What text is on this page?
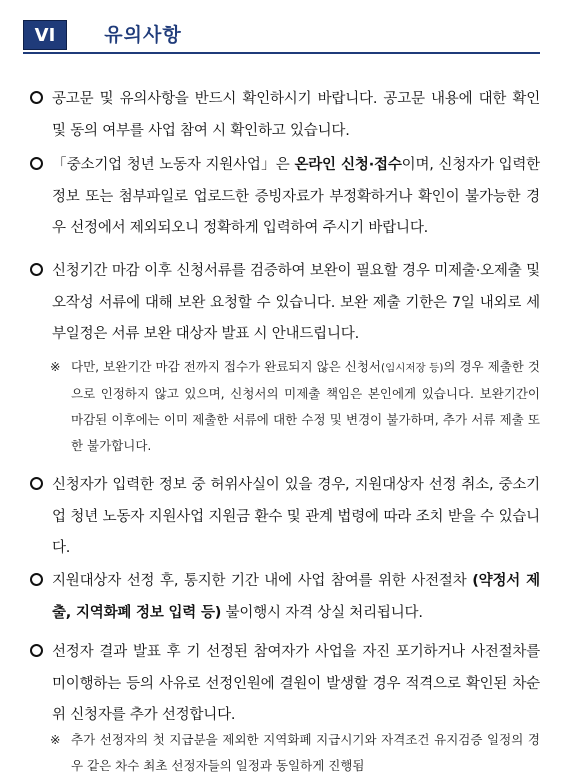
VI	유의사항
공고문 및 유의사항을 반드시 확인하시기 바랍니다. 공고문 내용에 대한 확인 및 동의 여부를 사업 참여 시 확인하고 있습니다.
「중소기업 청년 노동자 지원사업」은 온라인 신청·접수이며, 신청자가 입력한 정보 또는 첨부파일로 업로드한 증빙자료가 부정확하거나 확인이 불가능한 경우 선정에서 제외되오니 정확하게 입력하여 주시기 바랍니다.
신청기간 마감 이후 신청서류를 검증하여 보완이 필요할 경우 미제출·오제출 및 오작성 서류에 대해 보완 요청할 수 있습니다. 보완 제출 기한은 7일 내외로 세부일정은 서류 보완 대상자 발표 시 안내드립니다.
※ 다만, 보완기간 마감 전까지 접수가 완료되지 않은 신청서(임시저장 등)의 경우 제출한 것으로 인정하지 않고 있으며, 신청서의 미제출 책임은 본인에게 있습니다. 보완기간이 마감된 이후에는 이미 제출한 서류에 대한 수정 및 변경이 불가하며, 추가 서류 제출 또한 불가합니다.
신청자가 입력한 정보 중 허위사실이 있을 경우, 지원대상자 선정 취소, 중소기업 청년 노동자 지원사업 지원금 환수 및 관계 법령에 따라 조치 받을 수 있습니다.
지원대상자 선정 후, 통지한 기간 내에 사업 참여를 위한 사전절차 (약정서 제출, 지역화폐 정보 입력 등) 불이행시 자격 상실 처리됩니다.
선정자 결과 발표 후 기 선정된 참여자가 사업을 자진 포기하거나 사전절차를 미이행하는 등의 사유로 선정인원에 결원이 발생할 경우 적격으로 확인된 차순위 신청자를 추가 선정합니다.
※ 추가 선정자의 첫 지급분을 제외한 지역화폐 지급시기와 자격조건 유지검증 일정의 경우 같은 차수 최초 선정자들의 일정과 동일하게 진행됨
